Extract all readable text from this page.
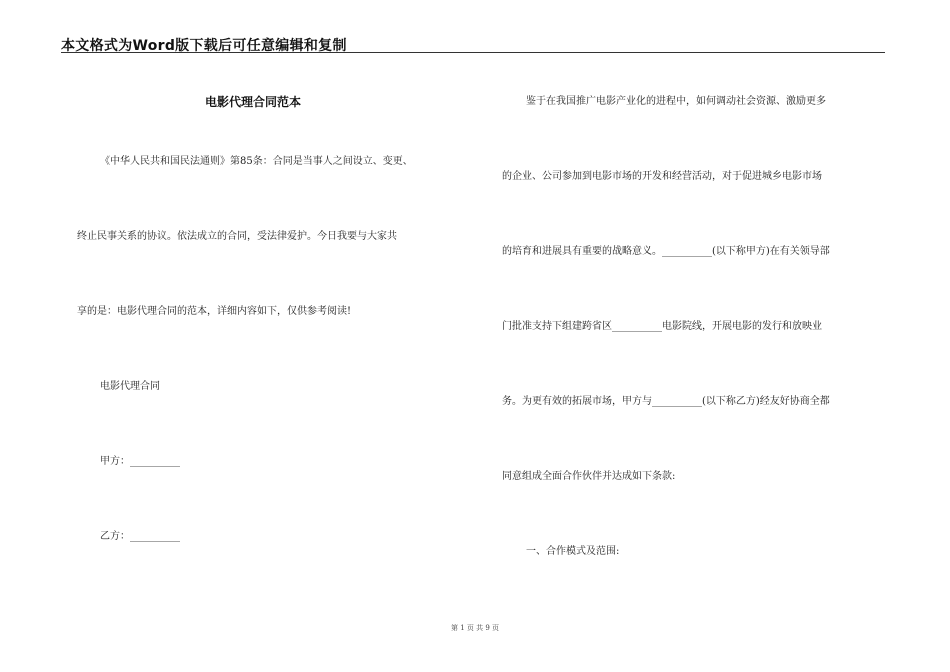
本文格式为Word版下载后可任意编辑和复制
电影代理合同范本
《中华人民共和国民法通则》第85条：合同是当事人之间设立、变更、
终止民事关系的协议。依法成立的合同，受法律爱护。今日我要与大家共
享的是：电影代理合同的范本，详细内容如下，仅供参考阅读!
电影代理合同
甲方：__________
乙方：__________
鉴于在我国推广电影产业化的进程中，如何调动社会资源、激励更多
的企业、公司参加到电影市场的开发和经营活动，对于促进城乡电影市场
的培育和进展具有重要的战略意义。__________(以下称甲方)在有关领导部
门批准支持下组建跨省区__________电影院线，开展电影的发行和放映业
务。为更有效的拓展市场，甲方与__________(以下称乙方)经友好协商全都
同意组成全面合作伙伴并达成如下条款:
一、合作模式及范围:
第 1 页 共 9 页
